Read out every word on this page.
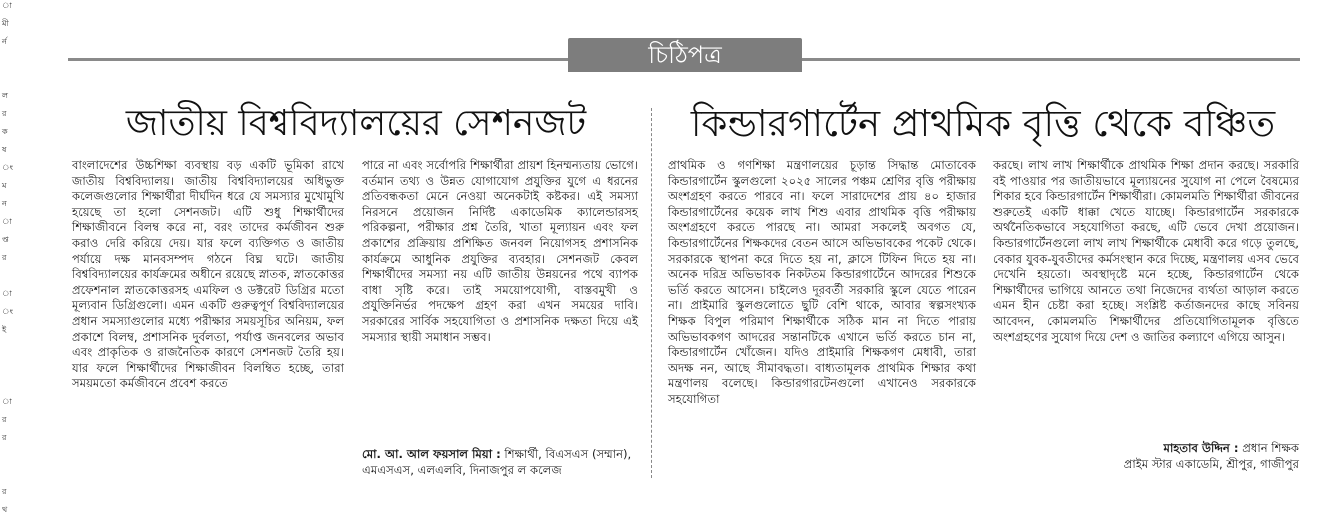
া
মী
র্ন
ল
র
ক
ষ
ং
ম
ন
া
প্ত
র
া
ং
ই
া
র
র
র
থ
চিঠিপত্র
জাতীয় বিশ্ববিদ্যালয়ের সেশনজট	কিন্ডারগার্টেন প্রাথমিক বৃত্তি থেকে বঞ্চিত

বাংলাদেশের উচ্চশিক্ষা ব্যবস্থায় বড় একটি ভূমিকা রাখে জাতীয় বিশ্ববিদ্যালয়। জাতীয় বিশ্ববিদ্যালয়ের অধিভুক্ত কলেজগুলোর শিক্ষার্থীরা দীর্ঘদিন ধরে যে সমস্যার মুখোমুখি হয়েছে তা হলো সেশনজট। এটি শুধু শিক্ষার্থীদের শিক্ষাজীবনে বিলম্ব করে না, বরং তাদের কর্মজীবন শুরু করাও দেরি করিয়ে দেয়। যার ফলে ব্যক্তিগত ও জাতীয় পর্যায়ে দক্ষ মানবসম্পদ গঠনে বিঘ্ন ঘটে। জাতীয় বিশ্ববিদ্যালয়ের কার্যক্রমের অধীনে রয়েছে স্নাতক, স্নাতকোত্তর প্রফেশনাল স্নাতকোত্তরসহ এমফিল ও ডক্টরেট ডিগ্রির মতো মূল্যবান ডিগ্রিগুলো। এমন একটি গুরুত্বপূর্ণ বিশ্ববিদ্যালয়ের প্রধান সমস্যাগুলোর মধ্যে পরীক্ষার সময়সূচির অনিয়ম, ফল প্রকাশে বিলম্ব, প্রশাসনিক দুর্বলতা, পর্যাপ্ত জনবলের অভাব এবং প্রাকৃতিক ও রাজনৈতিক কারণে সেশনজট তৈরি হয়। যার ফলে শিক্ষার্থীদের শিক্ষাজীবন বিলম্বিত হচ্ছে, তারা সময়মতো কর্মজীবনে প্রবেশ করতে

পারে না এবং সর্বোপরি শিক্ষার্থীরা প্রায়শ হিনম্মন্যতায় ভোগে। বর্তমান তথ্য ও উন্নত যোগাযোগ প্রযুক্তির যুগে এ ধরনের প্রতিবন্ধকতা মেনে নেওয়া অনেকটাই কষ্টকর। এই সমস্যা নিরসনে প্রয়োজন নির্দিষ্ট একাডেমিক ক্যালেন্ডারসহ পরিকল্পনা, পরীক্ষার প্রশ্ন তৈরি, খাতা মূল্যায়ন এবং ফল প্রকাশের প্রক্রিয়ায় প্রশিক্ষিত জনবল নিয়োগসহ প্রশাসনিক কার্যক্রমে আধুনিক প্রযুক্তির ব্যবহার। সেশনজট কেবল শিক্ষার্থীদের সমস্যা নয় এটি জাতীয় উন্নয়নের পথে ব্যাপক বাধা সৃষ্টি করে। তাই সময়োপযোগী, বাস্তবমুখী ও প্রযুক্তিনির্ভর পদক্ষেপ গ্রহণ করা এখন সময়ের দাবি। সরকারের সার্বিক সহযোগিতা ও প্রশাসনিক দক্ষতা দিয়ে এই সমস্যার স্থায়ী সমাধান সম্ভব।

মো. আ. আল ফয়সাল মিয়া : শিক্ষার্থী, বিএসএস (সম্মান), এমএসএস, এলএলবি, দিনাজপুর ল কলেজ

প্রাথমিক ও গণশিক্ষা মন্ত্রণালয়ের চূড়ান্ত সিদ্ধান্ত মোতাবেক কিন্ডারগার্টেন স্কুলগুলো ২০২৫ সালের পঞ্চম শ্রেণির বৃত্তি পরীক্ষায় অংশগ্রহণ করতে পারবে না। ফলে সারাদেশের প্রায় ৪০ হাজার কিন্ডারগার্টেনের কয়েক লাখ শিশু এবার প্রাথমিক বৃত্তি পরীক্ষায় অংশগ্রহণে করতে পারছে না। আমরা সকলেই অবগত যে, কিন্ডারগার্টেনের শিক্ষকদের বেতন আসে অভিভাবকের পকেট থেকে। সরকারকে স্থাপনা করে দিতে হয় না, ক্লাসে টিফিন দিতে হয় না। অনেক দরিদ্র অভিভাবক নিকটতম কিন্ডারগার্টেনে আদরের শিশুকে ভর্তি করতে আসেন। চাইলেও দূরবর্তী সরকারি স্কুলে যেতে পারেন না। প্রাইমারি স্কুলগুলোতে ছুটি বেশি থাকে, আবার স্বল্পসংখ্যক শিক্ষক বিপুল পরিমাণ শিক্ষার্থীকে সঠিক মান না দিতে পারায় অভিভাবকগণ আদরের সন্তানটিকে এখানে ভর্তি করতে চান না, কিন্ডারগার্টেন খোঁজেন। যদিও প্রাইমারি শিক্ষকগণ মেধাবী, তারা অদক্ষ নন, আছে সীমাবদ্ধতা। বাধ্যতামূলক প্রাথমিক শিক্ষার কথা মন্ত্রণালয় বলেছে। কিন্ডারগারটেনগুলো এখানেও সরকারকে সহযোগিতা

করছে। লাখ লাখ শিক্ষার্থীকে প্রাথমিক শিক্ষা প্রদান করছে। সরকারি বই পাওয়ার পর জাতীয়ভাবে মূল্যায়নের সুযোগ না পেলে বৈষম্যের শিকার হবে কিন্ডারগার্টেন শিক্ষার্থীরা। কোমলমতি শিক্ষার্থীরা জীবনের শুরুতেই একটি ধাক্কা খেতে যাচ্ছে। কিন্ডারগার্টেন সরকারকে অর্থনৈতিকভাবে সহযোগিতা করছে, এটি ভেবে দেখা প্রয়োজন। কিন্ডারগার্টেনগুলো লাখ লাখ শিক্ষার্থীকে মেধাবী করে গড়ে তুলছে, বেকার যুবক-যুবতীদের কর্মসংস্থান করে দিচ্ছে, মন্ত্রণালয় এসব ভেবে দেখেনি হয়তো। অবস্থাদৃষ্টে মনে হচ্ছে, কিন্ডারগার্টেন থেকে শিক্ষার্থীদের ভাগিয়ে আনতে তথা নিজেদের ব্যর্থতা আড়াল করতে এমন হীন চেষ্টা করা হচ্ছে। সংশ্লিষ্ট কর্তাজনদের কাছে সবিনয় আবেদন, কোমলমতি শিক্ষার্থীদের প্রতিযোগিতামূলক বৃত্তিতে অংশগ্রহণের সুযোগ দিয়ে দেশ ও জাতির কল্যাণে এগিয়ে আসুন।

মাহতাব উদ্দিন : প্রধান শিক্ষক
প্রাইম স্টার একাডেমি, শ্রীপুর, গাজীপুর
